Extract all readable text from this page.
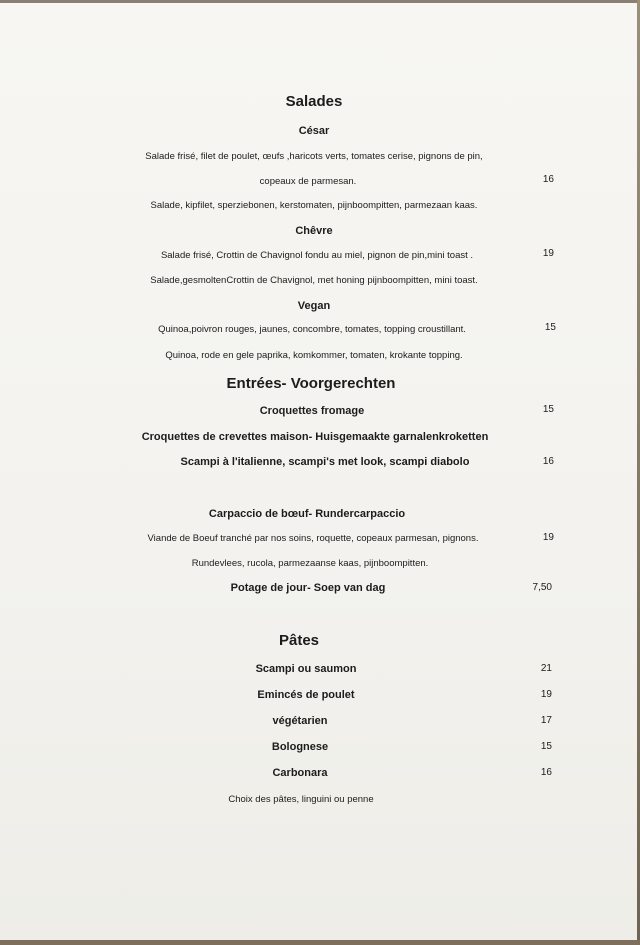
Salades
César
Salade frisé, filet de poulet, œufs ,haricots verts, tomates cerise, pignons de pin,
copeaux de parmesan.	16
Salade, kipfilet, sperziebonen, kerstomaten, pijnboompitten, parmezaan kaas.
Chêvre
Salade frisé, Crottin de Chavignol fondu au miel, pignon de pin,mini toast .	19
Salade,gesmoltenCrottin de Chavignol, met honing pijnboompitten, mini toast.
Vegan
Quinoa,poivron rouges, jaunes, concombre, tomates, topping croustillant.	15
Quinoa, rode en gele paprika, komkommer, tomaten, krokante topping.
Entrées- Voorgerechten
Croquettes fromage	15
Croquettes de crevettes maison- Huisgemaakte garnalenkroketten
Scampi à l'italienne, scampi's met look, scampi diabolo	16
Carpaccio de bœuf- Rundercarpaccio
Viande de Boeuf tranché par nos soins, roquette, copeaux parmesan, pignons.	19
Rundevlees, rucola, parmezaanse kaas, pijnboompitten.
Potage de jour- Soep van dag	7,50
Pâtes
Scampi ou saumon	21
Emincés de poulet	19
végétarien	17
Bolognese	15
Carbonara	16
Choix des pâtes, linguini ou penne
